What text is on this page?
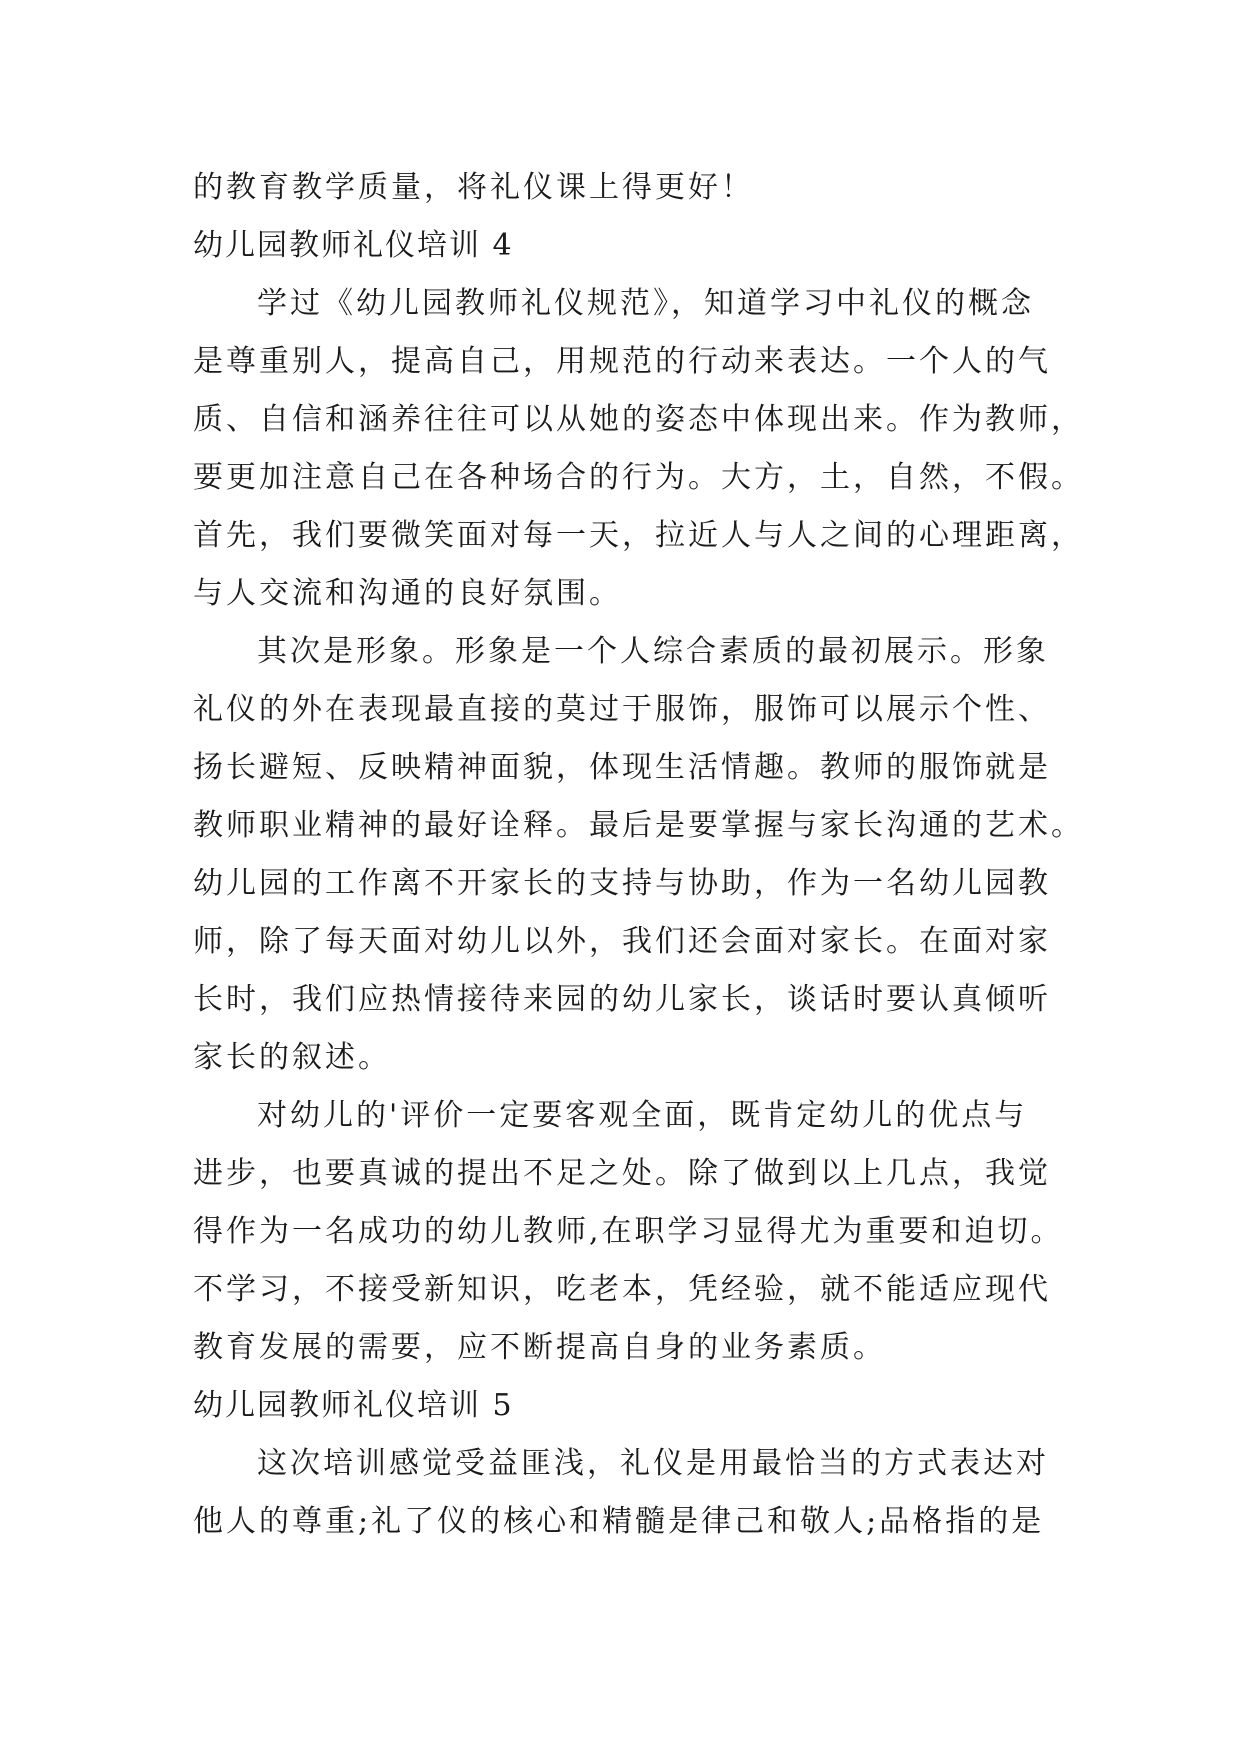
的教育教学质量，将礼仪课上得更好！
幼儿园教师礼仪培训 4
学过《幼儿园教师礼仪规范》，知道学习中礼仪的概念
是尊重别人，提高自己，用规范的行动来表达。一个人的气
质、自信和涵养往往可以从她的姿态中体现出来。作为教师，
要更加注意自己在各种场合的行为。大方，土，自然，不假。
首先，我们要微笑面对每一天，拉近人与人之间的心理距离，
与人交流和沟通的良好氛围。
其次是形象。形象是一个人综合素质的最初展示。形象
礼仪的外在表现最直接的莫过于服饰，服饰可以展示个性、
扬长避短、反映精神面貌，体现生活情趣。教师的服饰就是
教师职业精神的最好诠释。最后是要掌握与家长沟通的艺术。
幼儿园的工作离不开家长的支持与协助，作为一名幼儿园教
师，除了每天面对幼儿以外，我们还会面对家长。在面对家
长时，我们应热情接待来园的幼儿家长，谈话时要认真倾听
家长的叙述。
对幼儿的'评价一定要客观全面，既肯定幼儿的优点与
进步，也要真诚的提出不足之处。除了做到以上几点，我觉
得作为一名成功的幼儿教师,在职学习显得尤为重要和迫切。
不学习，不接受新知识，吃老本，凭经验，就不能适应现代
教育发展的需要，应不断提高自身的业务素质。
幼儿园教师礼仪培训 5
这次培训感觉受益匪浅，礼仪是用最恰当的方式表达对
他人的尊重;礼了仪的核心和精髓是律己和敬人;品格指的是
